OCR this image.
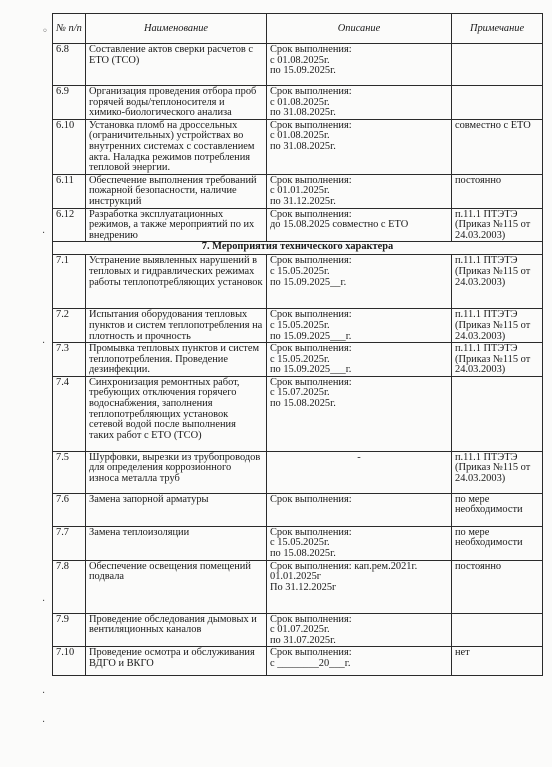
◦
·
·
·
·
·
№ п/п	Наименование	Описание	Примечание
6.8	Составление актов сверки расчетов с ЕТО (ТСО)	Срок выполнения:
с 01.08.2025г.
по 15.09.2025г.	

6.9	Организация проведения отбора проб горячей воды/теплоносителя и химико-биологического анализа	Срок выполнения:
с 01.08.2025г.
по 31.08.2025г.	

6.10	Установка пломб на дроссельных (ограничительных) устройствах во внутренних системах с составлением акта. Наладка режимов потребления тепловой энергии.	Срок выполнения:
с 01.08.2025г.
по 31.08.2025г.	совместно с ЕТО
6.11	Обеспечение выполнения требований пожарной безопасности, наличие инструкций	Срок выполнения:
с 01.01.2025г.
по 31.12.2025г.	постоянно
6.12	Разработка эксплуатационных режимов, а также мероприятий по их внедрению	Срок выполнения:
до 15.08.2025 совместно с ЕТО	п.11.1 ПТЭТЭ (Приказ №115 от 24.03.2003)
7. Мероприятия технического характера			
7.1	Устранение выявленных нарушений в тепловых и гидравлических режимах работы теплопотребляющих установок	Срок выполнения:
с 15.05.2025г.
по 15.09.2025__г.	п.11.1 ПТЭТЭ (Приказ №115 от 24.03.2003)
7.2	Испытания оборудования тепловых пунктов и систем теплопотребления на плотность и прочность	Срок выполнения:
с 15.05.2025г.
по 15.09.2025___г.	п.11.1 ПТЭТЭ (Приказ №115 от 24.03.2003)
7.3	Промывка тепловых пунктов и систем теплопотребления. Проведение дезинфекции.	Срок выполнения:
с 15.05.2025г.
по 15.09.2025___г.	п.11.1 ПТЭТЭ (Приказ №115 от 24.03.2003)
7.4	Синхронизация ремонтных работ, требующих отключения горячего водоснабжения, заполнения теплопотребляющих установок сетевой водой после выполнения таких работ с ЕТО (ТСО)	Срок выполнения:
с 15.07.2025г.
по 15.08.2025г.	

7.5	Шурфовки, вырезки из трубопроводов для определения коррозионного износа металла труб	-	п.11.1 ПТЭТЭ (Приказ №115 от 24.03.2003)
7.6	Замена запорной арматуры	Срок выполнения:	по мере необходимости
7.7	Замена теплоизоляции	Срок выполнения:
с 15.05.2025г.
по 15.08.2025г.	по мере необходимости
7.8	Обеспечение освещения помещений подвала	Срок выполнения: кап.рем.2021г.
01.01.2025г
По 31.12.2025г	постоянно
7.9	Проведение обследования дымовых и вентиляционных каналов	Срок выполнения:
с 01.07.2025г.
по 31.07.2025г.	

7.10	Проведение осмотра и обслуживания ВДГО и ВКГО	Срок выполнения:
с ________20___г.	нет
